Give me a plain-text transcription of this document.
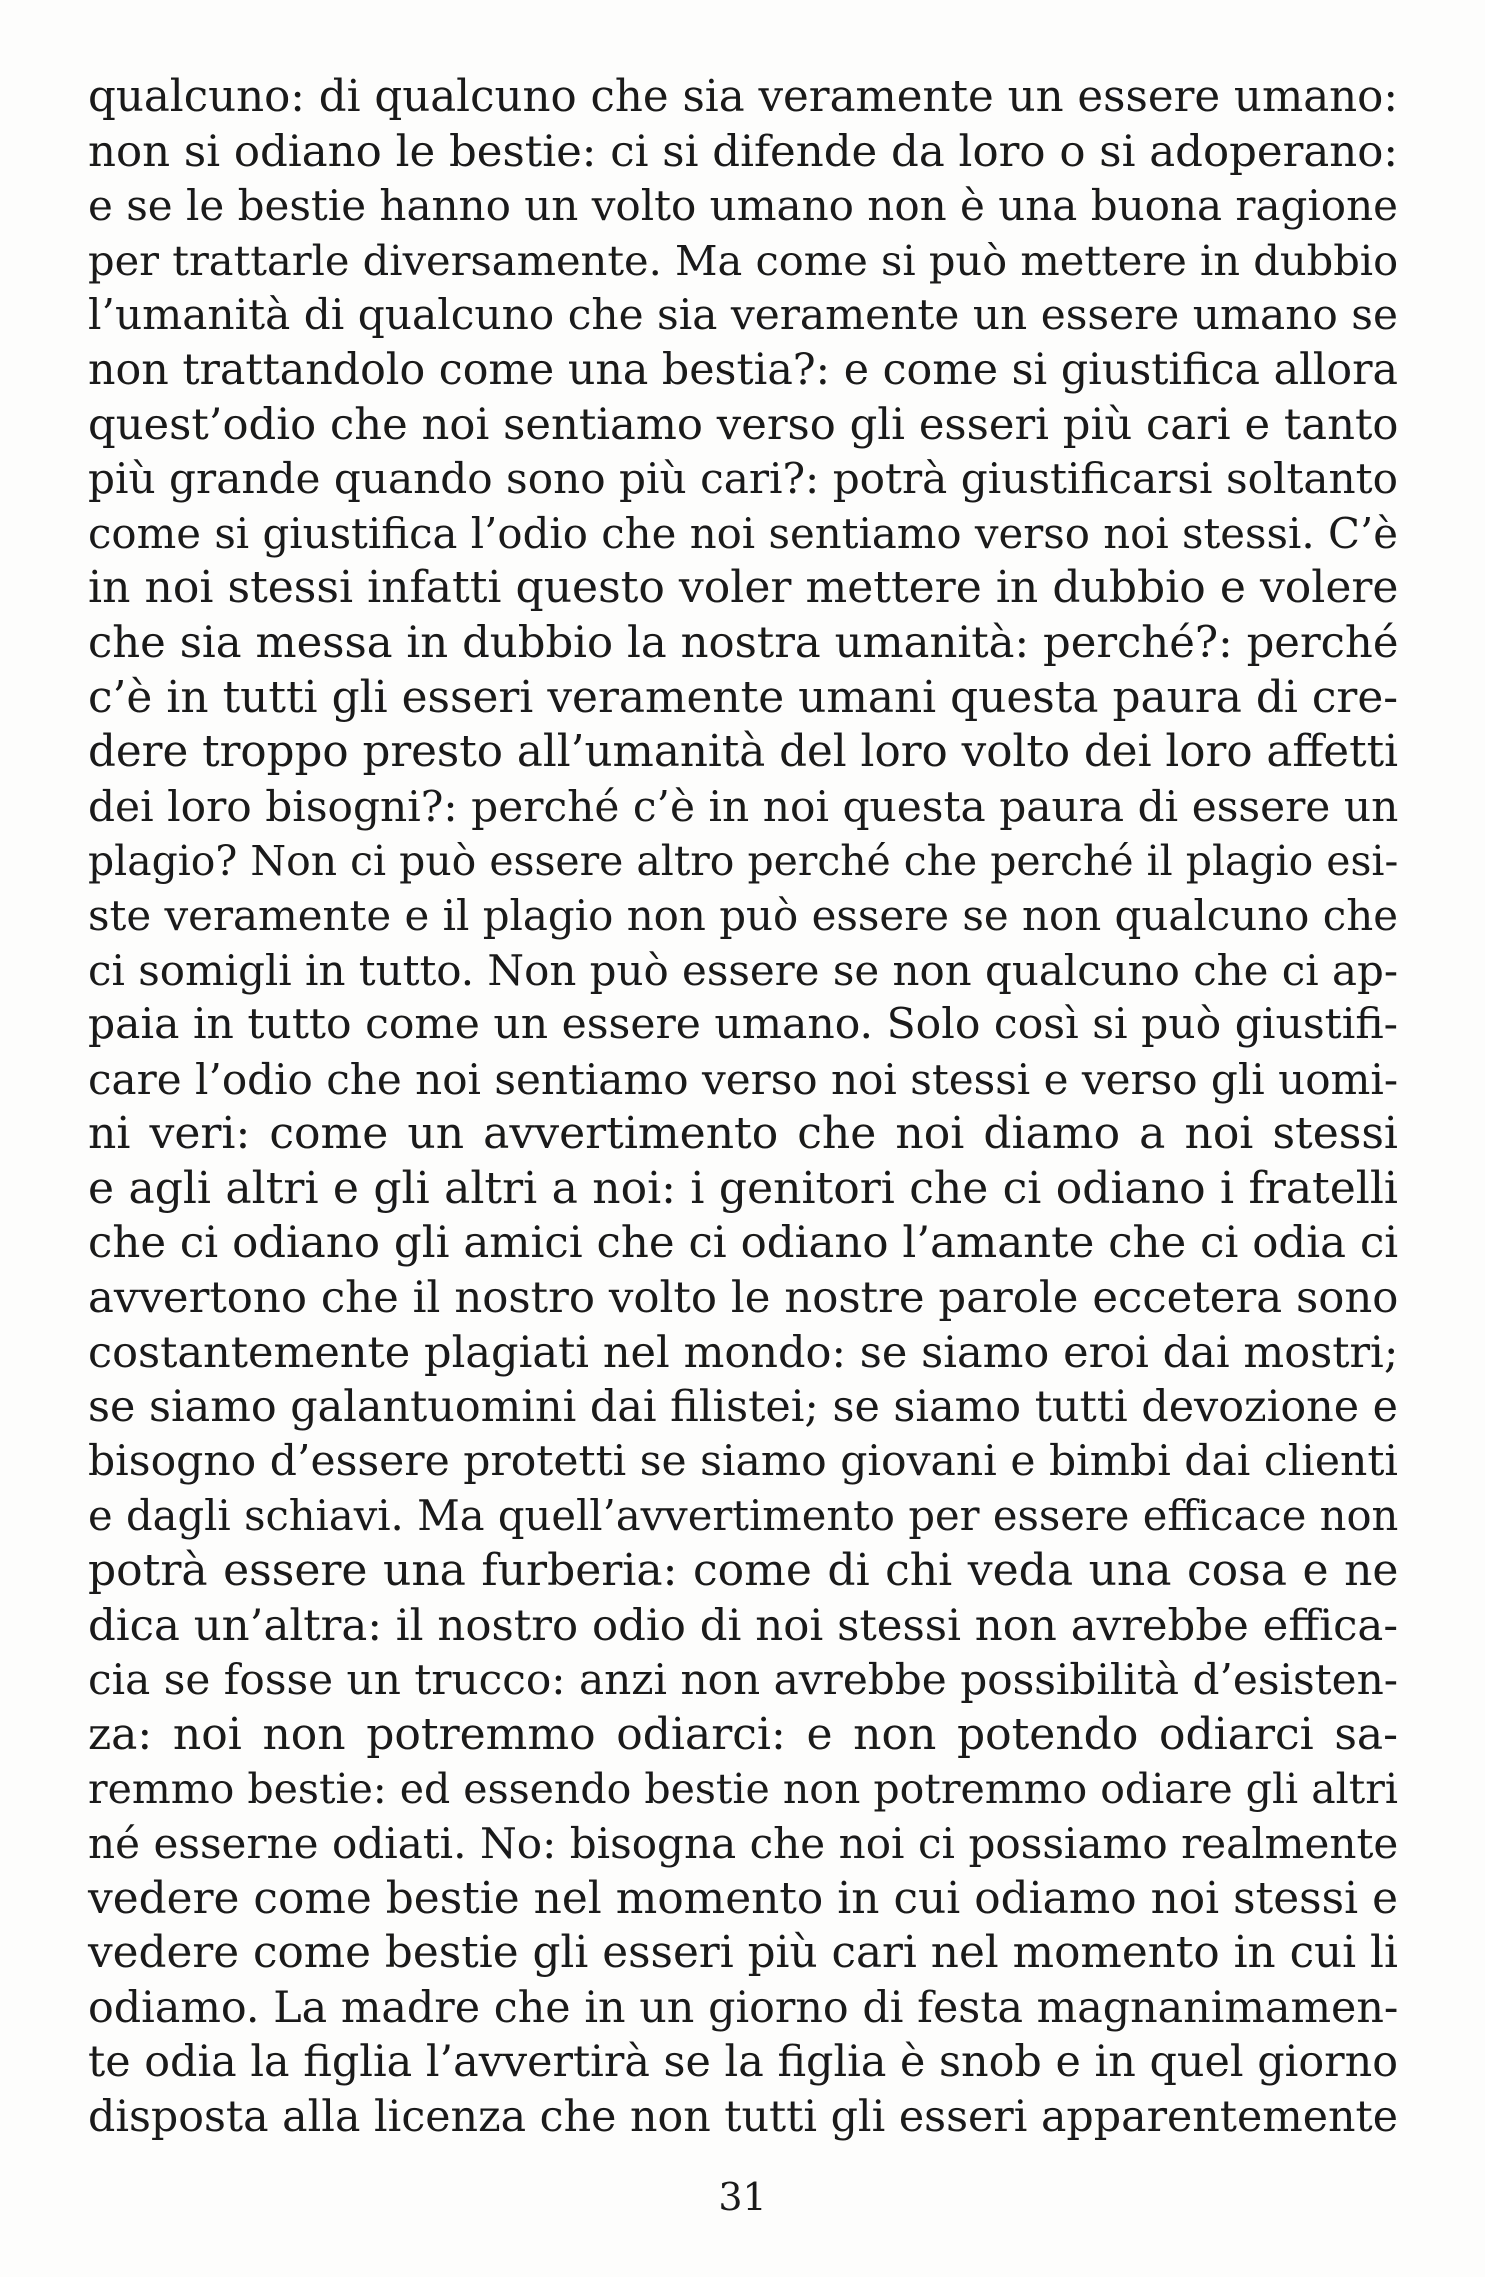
qualcuno: di qualcuno che sia veramente un essere umano:
non si odiano le bestie: ci si difende da loro o si adoperano:
e se le bestie hanno un volto umano non è una buona ragione
per trattarle diversamente. Ma come si può mettere in dubbio
l’umanità di qualcuno che sia veramente un essere umano se
non trattandolo come una bestia?: e come si giustifica allora
quest’odio che noi sentiamo verso gli esseri più cari e tanto
più grande quando sono più cari?: potrà giustificarsi soltanto
come si giustifica l’odio che noi sentiamo verso noi stessi. C’è
in noi stessi infatti questo voler mettere in dubbio e volere
che sia messa in dubbio la nostra umanità: perché?: perché
c’è in tutti gli esseri veramente umani questa paura di cre-
dere troppo presto all’umanità del loro volto dei loro affetti
dei loro bisogni?: perché c’è in noi questa paura di essere un
plagio? Non ci può essere altro perché che perché il plagio esi-
ste veramente e il plagio non può essere se non qualcuno che
ci somigli in tutto. Non può essere se non qualcuno che ci ap-
paia in tutto come un essere umano. Solo così si può giustifi-
care l’odio che noi sentiamo verso noi stessi e verso gli uomi-
ni veri: come un avvertimento che noi diamo a noi stessi
e agli altri e gli altri a noi: i genitori che ci odiano i fratelli
che ci odiano gli amici che ci odiano l’amante che ci odia ci
avvertono che il nostro volto le nostre parole eccetera sono
costantemente plagiati nel mondo: se siamo eroi dai mostri;
se siamo galantuomini dai filistei; se siamo tutti devozione e
bisogno d’essere protetti se siamo giovani e bimbi dai clienti
e dagli schiavi. Ma quell’avvertimento per essere efficace non
potrà essere una furberia: come di chi veda una cosa e ne
dica un’altra: il nostro odio di noi stessi non avrebbe effica-
cia se fosse un trucco: anzi non avrebbe possibilità d’esisten-
za: noi non potremmo odiarci: e non potendo odiarci sa-
remmo bestie: ed essendo bestie non potremmo odiare gli altri
né esserne odiati. No: bisogna che noi ci possiamo realmente
vedere come bestie nel momento in cui odiamo noi stessi e
vedere come bestie gli esseri più cari nel momento in cui li
odiamo. La madre che in un giorno di festa magnanimamen-
te odia la figlia l’avvertirà se la figlia è snob e in quel giorno
disposta alla licenza che non tutti gli esseri apparentemente
31
